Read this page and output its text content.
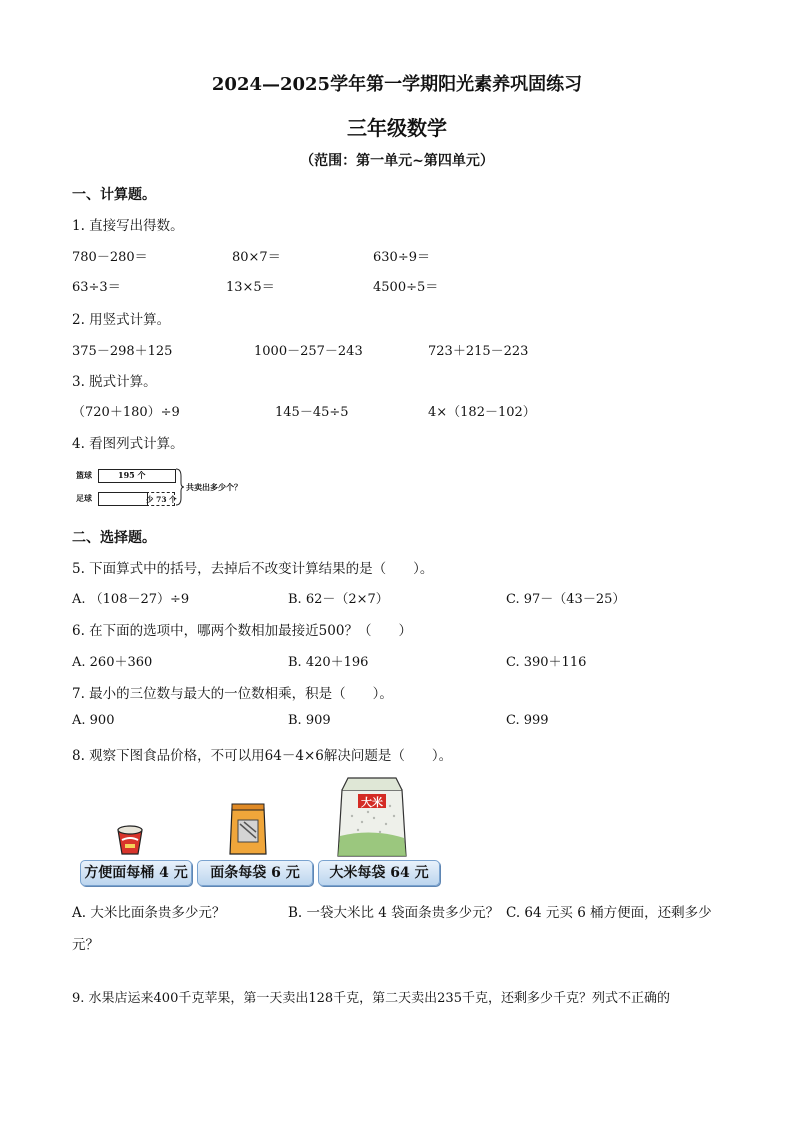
2024—2025学年第一学期阳光素养巩固练习
三年级数学
（范围：第一单元~第四单元）
一、计算题。
1. 直接写出得数。
780－280＝	80×7＝	630÷9＝
63÷3＝	13×5＝	4500÷5＝
2. 用竖式计算。
375－298＋125	1000－257－243	723＋215－223
3. 脱式计算。
（720＋180）÷9	145－45÷5	4×（182－102）
4. 看图列式计算。
篮球	195 个
足球	少 73 个
共卖出多少个？
二、选择题。
5. 下面算式中的括号，去掉后不改变计算结果的是（　　）。
A. （108－27）÷9	B. 62－（2×7）	C. 97－（43－25）
6. 在下面的选项中，哪两个数相加最接近500？（　　）
A. 260＋360	B. 420＋196	C. 390＋116
7. 最小的三位数与最大的一位数相乘，积是（　　）。
A. 900	B. 909	C. 999
8. 观察下图食品价格，不可以用64－4×6解决问题是（　　）。
大米
方便面每桶 4 元	面条每袋 6 元	大米每袋 64 元
A. 大米比面条贵多少元？	B. 一袋大米比 4 袋面条贵多少元？ C. 64 元买 6 桶方便面，还剩多少
元？
9. 水果店运来400千克苹果，第一天卖出128千克，第二天卖出235千克，还剩多少千克？列式不正确的
